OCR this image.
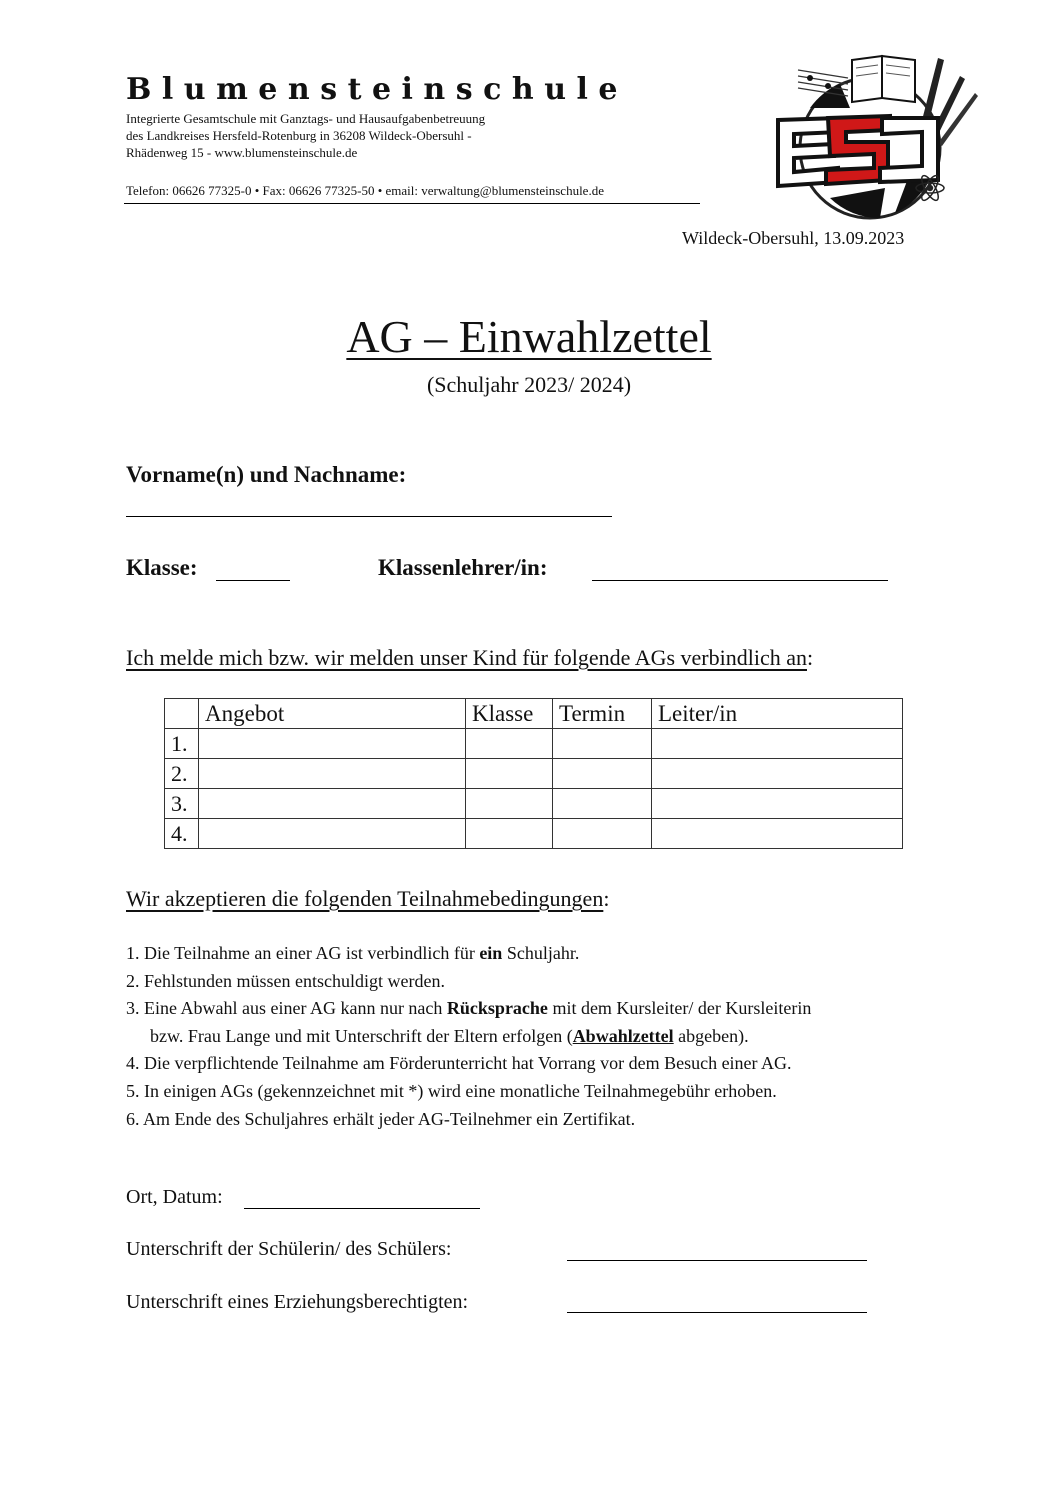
Blumensteinschule
Integrierte Gesamtschule mit Ganztags- und Hausaufgabenbetreuung
des Landkreises Hersfeld-Rotenburg in 36208 Wildeck-Obersuhl -
Rhädenweg 15 - www.blumensteinschule.de
Telefon: 06626 77325-0 • Fax: 06626 77325-50 • email: verwaltung@blumensteinschule.de
Wildeck-Obersuhl, 13.09.2023
AG – Einwahlzettel
(Schuljahr 2023/ 2024)
Vorname(n) und Nachname:
Klasse:	Klassenlehrer/in:
Ich melde mich bzw. wir melden unser Kind für folgende AGs verbindlich an:
	Angebot	Klasse	Termin	Leiter/in
1.				
2.				
3.				
4.				
Wir akzeptieren die folgenden Teilnahmebedingungen:
1. Die Teilnahme an einer AG ist verbindlich für ein Schuljahr.
2. Fehlstunden müssen entschuldigt werden.
3. Eine Abwahl aus einer AG kann nur nach Rücksprache mit dem Kursleiter/ der Kursleiterin
bzw. Frau Lange und mit Unterschrift der Eltern erfolgen (Abwahlzettel abgeben).
4. Die verpflichtende Teilnahme am Förderunterricht hat Vorrang vor dem Besuch einer AG.
5. In einigen AGs (gekennzeichnet mit *) wird eine monatliche Teilnahmegebühr erhoben.
6. Am Ende des Schuljahres erhält jeder AG-Teilnehmer ein Zertifikat.
Ort, Datum:
Unterschrift der Schülerin/ des Schülers:
Unterschrift eines Erziehungsberechtigten:
